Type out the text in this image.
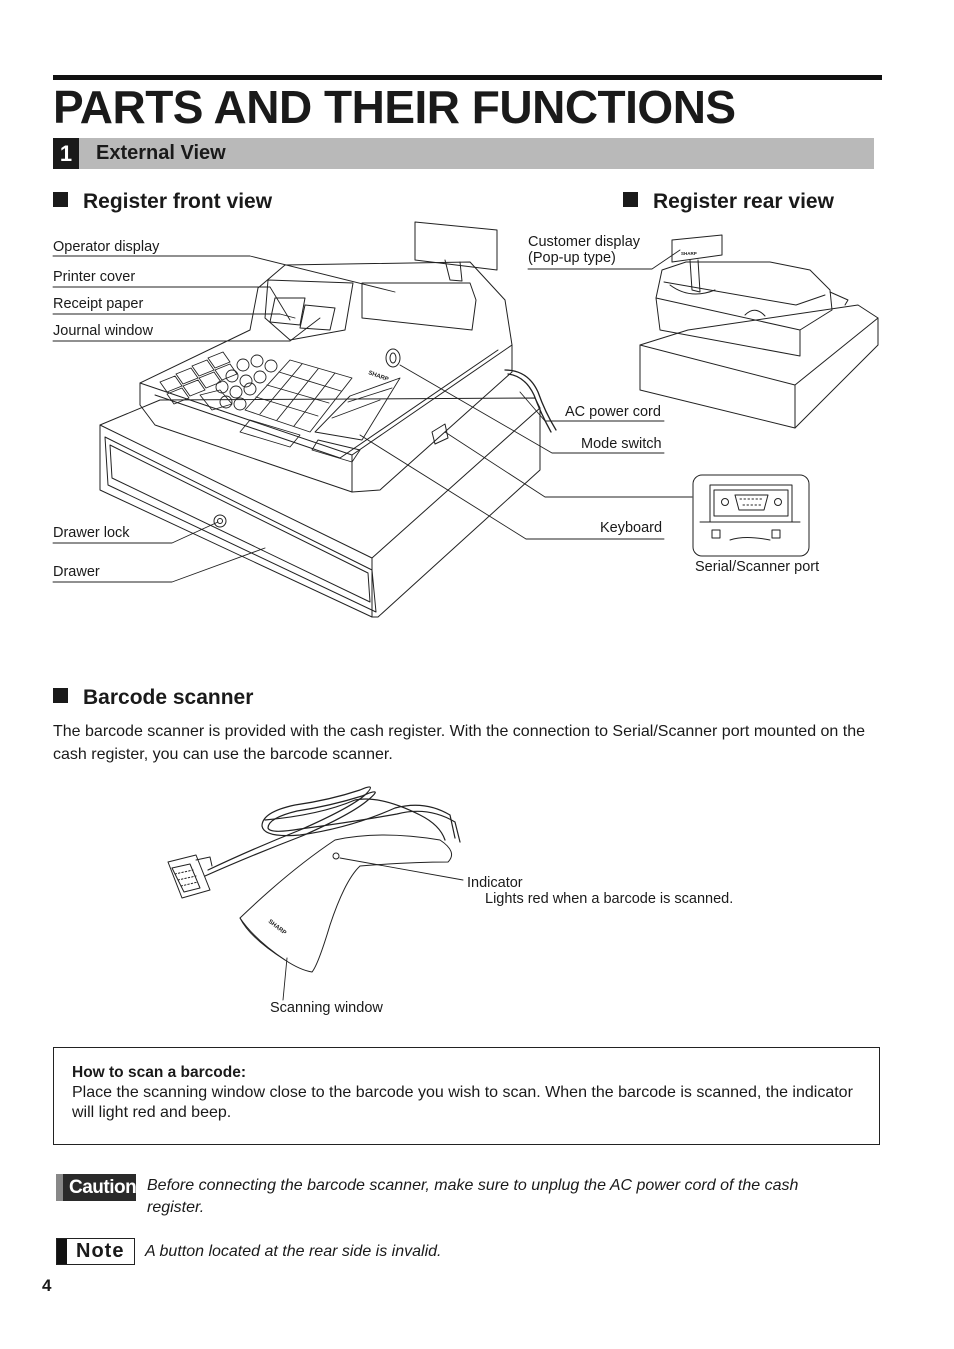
PARTS AND THEIR FUNCTIONS
1	External View
Register front view	Register rear view
Barcode scanner
SHARP
SHARP
SHARP
Operator display
Printer cover
Receipt paper
Journal window
Drawer lock
Drawer
AC power cord
Mode switch
Keyboard
Serial/Scanner port
Customer display
(Pop-up type)
The barcode scanner is provided with the cash register. With the connection to Serial/Scanner port mounted on the cash register, you can use the barcode scanner.
Indicator
Lights red when a barcode is scanned.
Scanning window
How to scan a barcode:
Place the scanning window close to the barcode you wish to scan. When the barcode is scanned, the indicator will light red and beep.
Caution Before connecting the barcode scanner, make sure to unplug the AC power cord of the cash register.
Note A button located at the rear side is invalid.
4
